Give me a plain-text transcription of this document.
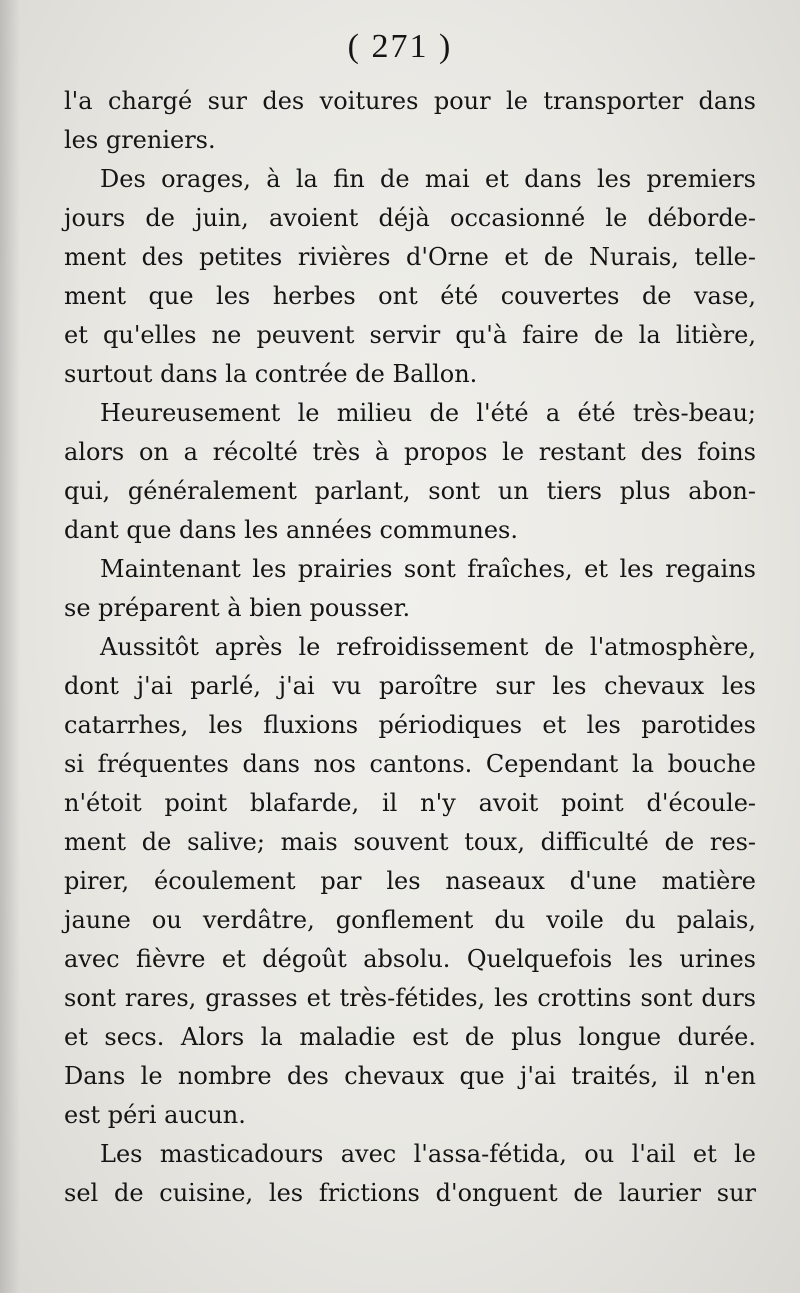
( 271 )
l'a chargé sur des voitures pour le transporter dans
les greniers.
Des orages, à la fin de mai et dans les premiers
jours de juin, avoient déjà occasionné le déborde-
ment des petites rivières d'Orne et de Nurais, telle-
ment que les herbes ont été couvertes de vase,
et qu'elles ne peuvent servir qu'à faire de la litière,
surtout dans la contrée de Ballon.
Heureusement le milieu de l'été a été très-beau;
alors on a récolté très à propos le restant des foins
qui, généralement parlant, sont un tiers plus abon-
dant que dans les années communes.
Maintenant les prairies sont fraîches, et les regains
se préparent à bien pousser.
Aussitôt après le refroidissement de l'atmosphère,
dont j'ai parlé, j'ai vu paroître sur les chevaux les
catarrhes, les fluxions périodiques et les parotides
si fréquentes dans nos cantons. Cependant la bouche
n'étoit point blafarde, il n'y avoit point d'écoule-
ment de salive; mais souvent toux, difficulté de res-
pirer, écoulement par les naseaux d'une matière
jaune ou verdâtre, gonflement du voile du palais,
avec fièvre et dégoût absolu. Quelquefois les urines
sont rares, grasses et très-fétides, les crottins sont durs
et secs. Alors la maladie est de plus longue durée.
Dans le nombre des chevaux que j'ai traités, il n'en
est péri aucun.
Les masticadours avec l'assa-fétida, ou l'ail et le
sel de cuisine, les frictions d'onguent de laurier sur
